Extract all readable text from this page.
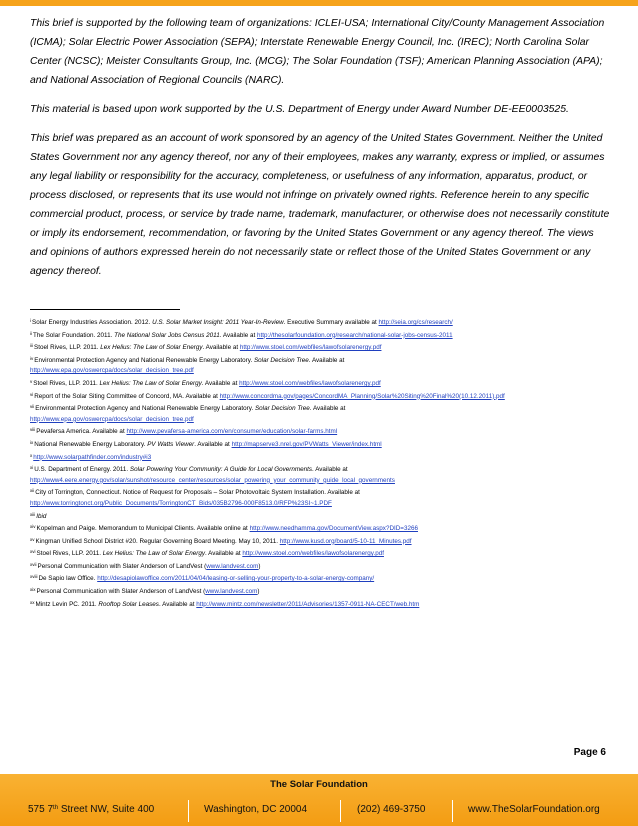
This brief is supported by the following team of organizations: ICLEI-USA; International City/County Management Association (ICMA); Solar Electric Power Association (SEPA); Interstate Renewable Energy Council, Inc. (IREC); North Carolina Solar Center (NCSC); Meister Consultants Group, Inc. (MCG); The Solar Foundation (TSF); American Planning Association (APA); and National Association of Regional Councils (NARC).

This material is based upon work supported by the U.S. Department of Energy under Award Number DE-EE0003525.

This brief was prepared as an account of work sponsored by an agency of the United States Government. Neither the United States Government nor any agency thereof, nor any of their employees, makes any warranty, express or implied, or assumes any legal liability or responsibility for the accuracy, completeness, or usefulness of any information, apparatus, product, or process disclosed, or represents that its use would not infringe on privately owned rights. Reference herein to any specific commercial product, process, or service by trade name, trademark, manufacturer, or otherwise does not necessarily constitute or imply its endorsement, recommendation, or favoring by the United States Government or any agency thereof. The views and opinions of authors expressed herein do not necessarily state or reflect those of the United States Government or any agency thereof.

$^i$Solar Energy Industries Association. 2012. U.S. Solar Market Insight: 2011 Year-In-Review. Executive Summary available at http://seia.org/cs/research/
$^{ii}$The Solar Foundation. 2011. The National Solar Jobs Census 2011. Available at http://thesolarfoundation.org/research/national-solar-jobs-census-2011
$^{iii}$Stoel Rives, LLP. 2011. Lex Helius: The Law of Solar Energy. Available at http://www.stoel.com/webfiles/lawofsolarenergy.pdf
$^{iv}$Environmental Protection Agency and National Renewable Energy Laboratory. Solar Decision Tree. Available at
http://www.epa.gov/oswercpa/docs/solar_decision_tree.pdf
$^v$Stoel Rives, LLP. 2011. Lex Helius: The Law of Solar Energy. Available at http://www.stoel.com/webfiles/lawofsolarenergy.pdf
$^{vi}$Report of the Solar Siting Committee of Concord, MA. Available at http://www.concordma.gov/pages/ConcordMA_Planning/Solar%20Siting%20Final%20(10.12.2011).pdf
$^{vii}$Environmental Protection Agency and National Renewable Energy Laboratory. Solar Decision Tree. Available at
http://www.epa.gov/oswercpa/docs/solar_decision_tree.pdf
$^{viii}$Pevafersa America. Available at http://www.pevafersa-america.com/en/consumer/education/solar-farms.html
$^{ix}$National Renewable Energy Laboratory. PV Watts Viewer. Available at http://mapserve3.nrel.gov/PVWatts_Viewer/index.html
$^x$http://www.solarpathfinder.com/industry#i3
$^{xi}$U.S. Department of Energy. 2011. Solar Powering Your Community: A Guide for Local Governments. Available at
http://www4.eere.energy.gov/solar/sunshot/resource_center/resources/solar_powering_your_community_guide_local_governments
$^{xii}$City of Torrington, Connecticut. Notice of Request for Proposals – Solar Photovoltaic System Installation. Available at
http://www.torringtonct.org/Public_Documents/TorringtonCT_Bids/035B2796-000F8513.0/RFP%23SI~1.PDF
$^{xiii}$Ibid
$^{xiv}$Kopelman and Paige. Memorandum to Municipal Clients. Available online at http://www.needhamma.gov/DocumentView.aspx?DID=3266
$^{xv}$Kingman Unified School District #20. Regular Governing Board Meeting. May 10, 2011. http://www.kusd.org/board/5-10-11_Minutes.pdf
$^{xvi}$Stoel Rives, LLP. 2011. Lex Helius: The Law of Solar Energy. Available at http://www.stoel.com/webfiles/lawofsolarenergy.pdf
$^{xvii}$Personal Communication with Slater Anderson of LandVest (www.landvest.com)
$^{xviii}$De Sapio law Office. http://desapiolawoffice.com/2011/04/04/leasing-or-selling-your-property-to-a-solar-energy-company/
$^{xix}$Personal Communication with Slater Anderson of LandVest (www.landvest.com)
$^{xx}$Mintz Levin PC. 2011. Rooftop Solar Leases. Available at http://www.mintz.com/newsletter/2011/Advisories/1357-0911-NA-CECT/web.htm
Page 6
The Solar Foundation
575 7th Street NW, Suite 400	Washington, DC 20004	(202) 469-3750	www.TheSolarFoundation.org
